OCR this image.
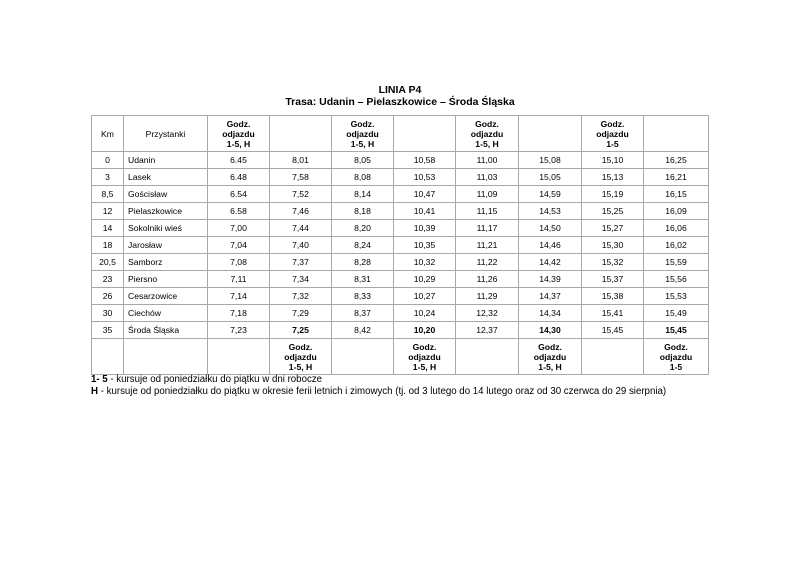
LINIA P4
Trasa: Udanin – Pielaszkowice – Środa Śląska
Km	Przystanki	Godz.
odjazdu
1-5, H		Godz.
odjazdu
1-5, H		Godz.
odjazdu
1-5, H		Godz.
odjazdu
1-5	
0	Udanin	6.45	8,01	8,05	10,58	11,00	15,08	15,10	16,25
3	Lasek	6.48	7,58	8,08	10,53	11,03	15,05	15,13	16,21
8,5	Gościsław	6.54	7,52	8,14	10,47	11,09	14,59	15,19	16,15
12	Pielaszkowice	6.58	7,46	8,18	10,41	11,15	14,53	15,25	16,09
14	Sokolniki wieś	7,00	7,44	8,20	10,39	11,17	14,50	15,27	16,06
18	Jarosław	7,04	7,40	8,24	10,35	11,21	14,46	15,30	16,02
20,5	Samborz	7,08	7,37	8,28	10,32	11,22	14,42	15,32	15,59
23	Piersno	7,11	7,34	8,31	10,29	11,26	14,39	15,37	15,56
26	Cesarzowice	7,14	7,32	8,33	10,27	11,29	14,37	15,38	15,53
30	Ciechów	7,18	7,29	8,37	10,24	12,32	14,34	15,41	15,49
35	Środa Śląska	7,23	7,25	8,42	10,20	12,37	14,30	15,45	15,45
			Godz.
odjazdu
1-5, H		Godz.
odjazdu
1-5, H		Godz.
odjazdu
1-5, H		Godz.
odjazdu
1-5
1- 5 - kursuje od poniedziałku do piątku w dni robocze
H - kursuje od poniedziałku do piątku w okresie ferii letnich i zimowych (tj. od 3 lutego do 14 lutego oraz od 30 czerwca do 29 sierpnia)
